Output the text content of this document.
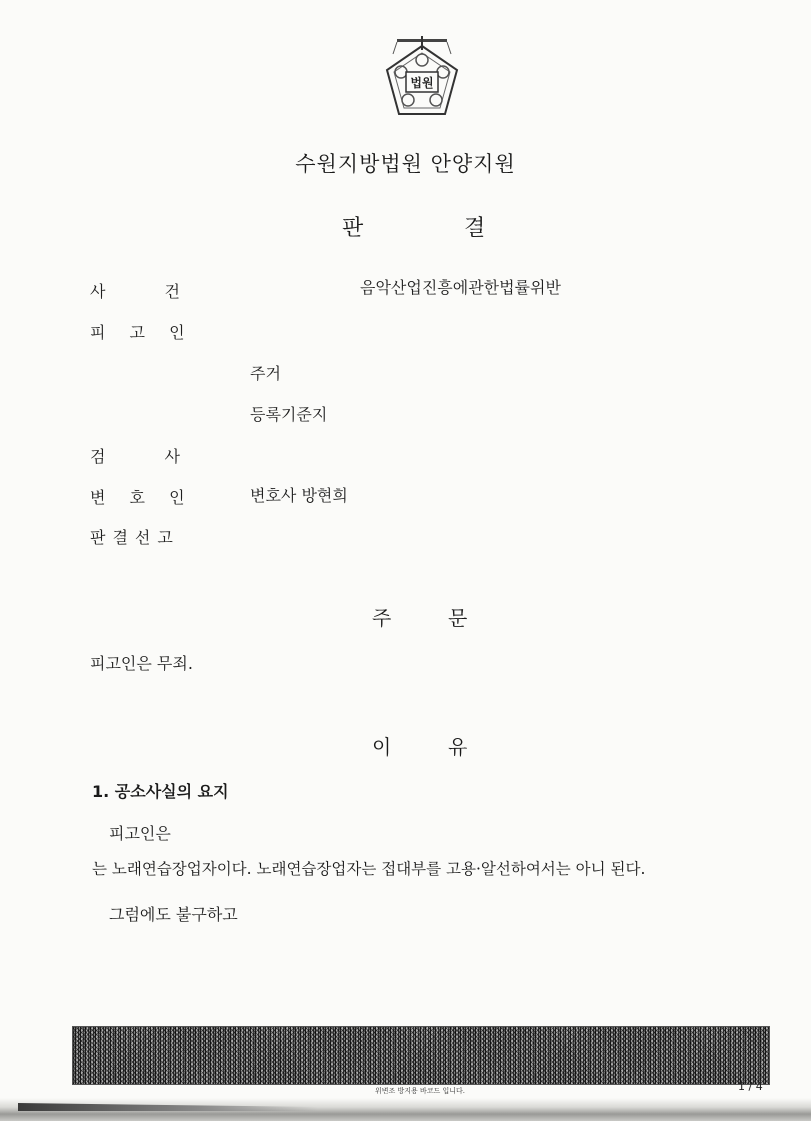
법원
수원지방법원 안양지원
판	결
사 건	음악산업진흥에관한법률위반
피 고 인
주거
등록기준지
검 사
변 호 인	변호사 방현희
판결선고
주	문
피고인은 무죄.
이	유
1. 공소사실의 요지
피고인은
는 노래연습장업자이다. 노래연습장업자는 접대부를 고용·알선하여서는 아니 된다.
그럼에도 불구하고
위변조 방지용 바코드 입니다.	1 / 4
